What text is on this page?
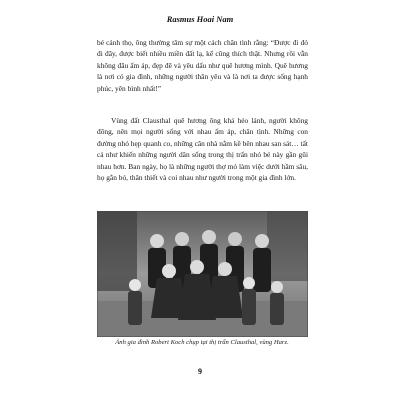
Rasmus Hoai Nam

bé cảnh thọ, ông thường tâm sự một cách chân tình rằng: “Được đi đó đi đây, được biết nhiều miền đất lạ, kể cũng thích thật. Nhưng rồi vẫn không đâu ấm áp, đẹp đẽ và yêu dấu như quê hương mình. Quê hương là nơi có gia đình, những người thân yêu và là nơi ta được sống hạnh phúc, yên bình nhất!”

Vùng đất Clausthal quê hương ông khá héo lánh, người không đông, nên mọi người sống với nhau ấm áp, chân tình. Những con đường nhỏ hẹp quanh co, những căn nhà nằm kề bên nhau san sát… tất cả như khiến những người dân sống trong thị trấn nhỏ bé này gần gũi nhau hơn. Ban ngày, họ là những người thợ mỏ làm việc dưới hầm sâu, họ gắn bó, thân thiết và coi nhau như người trong một gia đình lớn.

Ảnh gia đình Robert Koch chụp tại thị trấn Clausthal, vùng Harz.
9
